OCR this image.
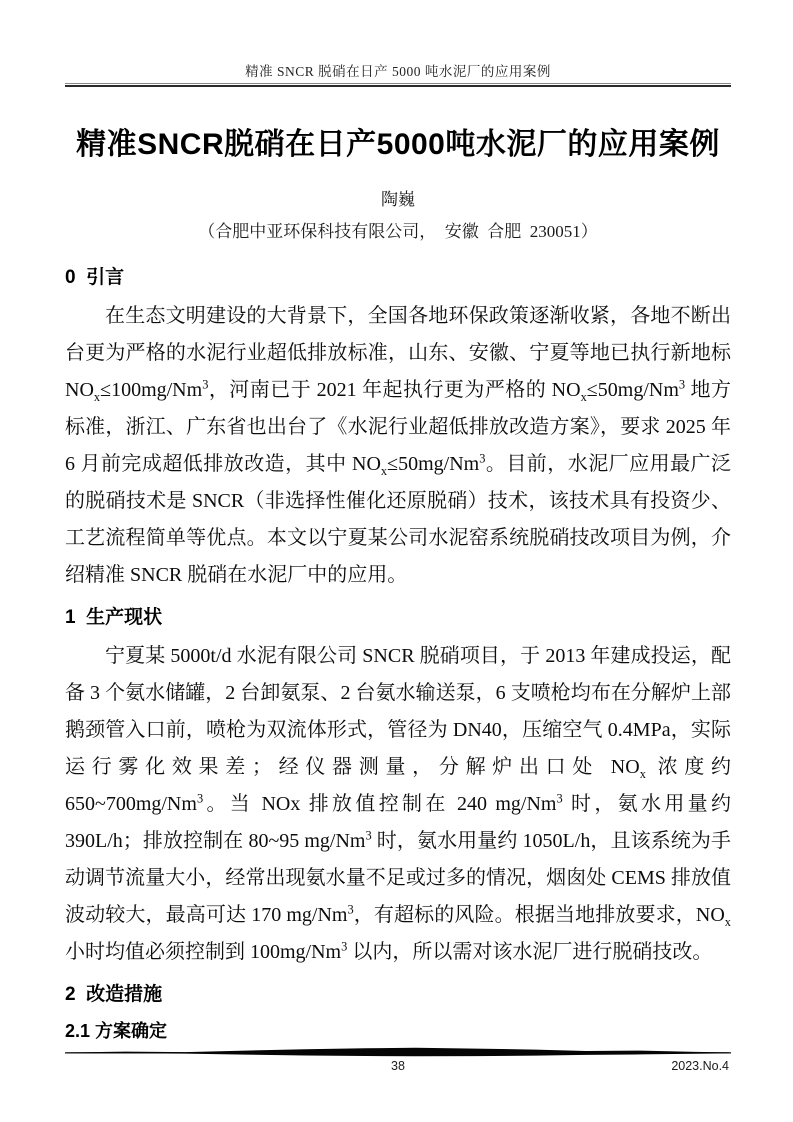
精准 SNCR 脱硝在日产 5000 吨水泥厂的应用案例
精准SNCR脱硝在日产5000吨水泥厂的应用案例
陶巍
（合肥中亚环保科技有限公司，  安徽  合肥  230051）
0  引言

在生态文明建设的大背景下，全国各地环保政策逐渐收紧，各地不断出台更为严格的水泥行业超低排放标准，山东、安徽、宁夏等地已执行新地标$NO_x\le 100mg/Nm^3$，河南已于 2021 年起执行更为严格的 $NO_x\le 50mg/Nm^3$ 地方标准，浙江、广东省也出台了《水泥行业超低排放改造方案》，要求 2025 年 6 月前完成超低排放改造，其中 $NO_x\le 50mg/Nm^3$。目前，水泥厂应用最广泛的脱硝技术是 SNCR（非选择性催化还原脱硝）技术，该技术具有投资少、工艺流程简单等优点。本文以宁夏某公司水泥窑系统脱硝技改项目为例，介绍精准 SNCR 脱硝在水泥厂中的应用。

1  生产现状

宁夏某 5000t/d 水泥有限公司 SNCR 脱硝项目，于 2013 年建成投运，配备 3 个氨水储罐，2 台卸氨泵、2 台氨水输送泵，6 支喷枪均布在分解炉上部鹅颈管入口前，喷枪为双流体形式，管径为 DN40，压缩空气 0.4MPa，实际运行雾化效果差；经仪器测量，分解炉出口处 $NO_x$ 浓度约 650~700mg/Nm$^3$。当 NOx 排放值控制在 240 mg/Nm$^3$ 时，氨水用量约 390L/h；排放控制在 80~95 mg/Nm$^3$ 时，氨水用量约 1050L/h，且该系统为手动调节流量大小，经常出现氨水量不足或过多的情况，烟囱处 CEMS 排放值波动较大，最高可达 170 mg/Nm$^3$，有超标的风险。根据当地排放要求，$NO_x$ 小时均值必须控制到 100mg/Nm$^3$ 以内，所以需对该水泥厂进行脱硝技改。

2  改造措施
2.1 方案确定
38	2023.No.4
